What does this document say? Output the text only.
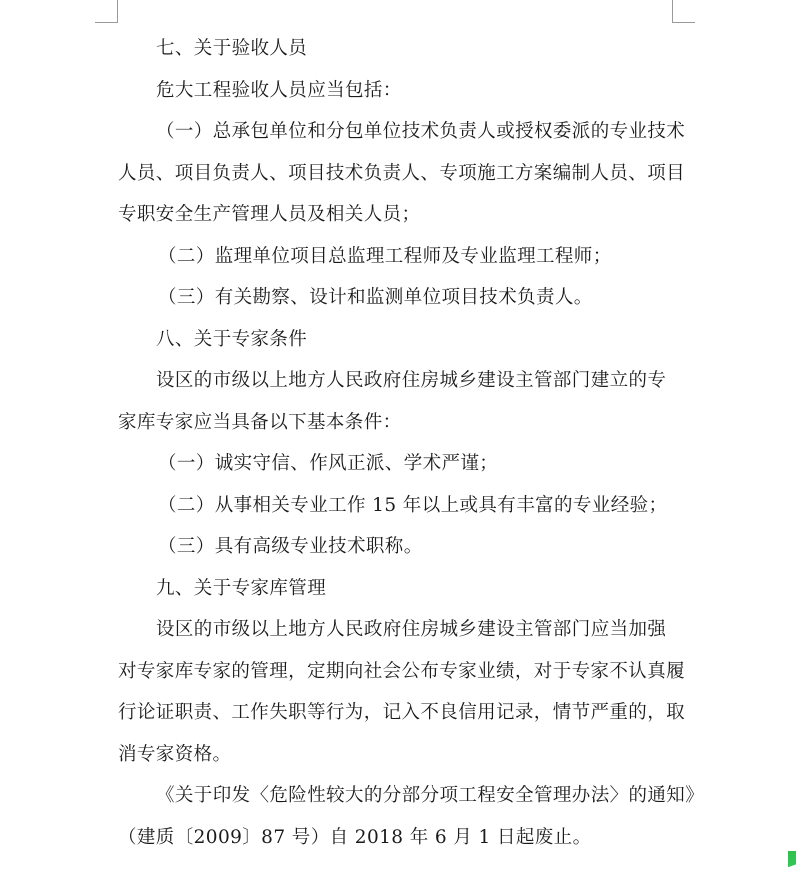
七、关于验收人员
危大工程验收人员应当包括：
（一）总承包单位和分包单位技术负责人或授权委派的专业技术
人员、项目负责人、项目技术负责人、专项施工方案编制人员、项目
专职安全生产管理人员及相关人员；
（二）监理单位项目总监理工程师及专业监理工程师；
（三）有关勘察、设计和监测单位项目技术负责人。
八、关于专家条件
设区的市级以上地方人民政府住房城乡建设主管部门建立的专
家库专家应当具备以下基本条件：
（一）诚实守信、作风正派、学术严谨；
（二）从事相关专业工作 15 年以上或具有丰富的专业经验；
（三）具有高级专业技术职称。
九、关于专家库管理
设区的市级以上地方人民政府住房城乡建设主管部门应当加强
对专家库专家的管理，定期向社会公布专家业绩，对于专家不认真履
行论证职责、工作失职等行为，记入不良信用记录，情节严重的，取
消专家资格。
《关于印发〈危险性较大的分部分项工程安全管理办法〉的通知》
（建质〔2009〕87 号）自 2018 年 6 月 1 日起废止。
